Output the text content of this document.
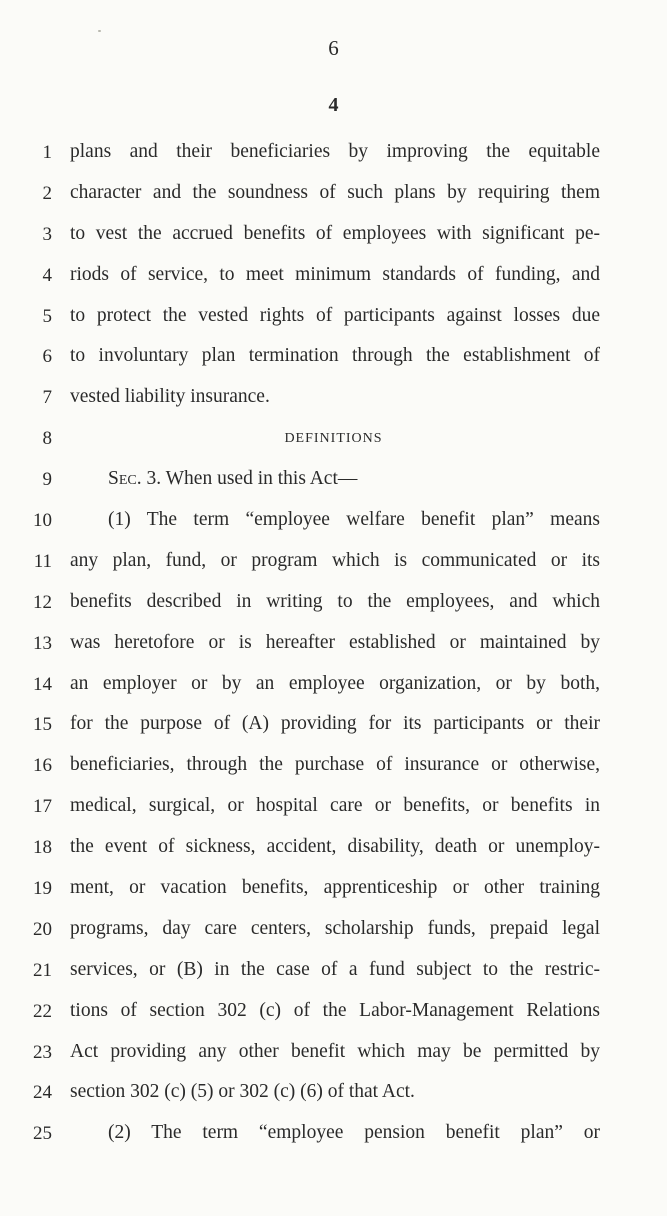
6
4
1 plans and their beneficiaries by improving the equitable
2 character and the soundness of such plans by requiring them
3 to vest the accrued benefits of employees with significant pe-
4 riods of service, to meet minimum standards of funding, and
5 to protect the vested rights of participants against losses due
6 to involuntary plan termination through the establishment of
7 vested liability insurance.
8	DEFINITIONS
9	Sec. 3. When used in this Act—
10	(1) The term “employee welfare benefit plan” means
11 any plan, fund, or program which is communicated or its
12 benefits described in writing to the employees, and which
13 was heretofore or is hereafter established or maintained by
14 an employer or by an employee organization, or by both,
15 for the purpose of (A) providing for its participants or their
16 beneficiaries, through the purchase of insurance or otherwise,
17 medical, surgical, or hospital care or benefits, or benefits in
18 the event of sickness, accident, disability, death or unemploy-
19 ment, or vacation benefits, apprenticeship or other training
20 programs, day care centers, scholarship funds, prepaid legal
21 services, or (B) in the case of a fund subject to the restric-
22 tions of section 302 (c) of the Labor-Management Relations
23 Act providing any other benefit which may be permitted by
24 section 302 (c) (5) or 302 (c) (6) of that Act.
25	(2) The term “employee pension benefit plan” or
